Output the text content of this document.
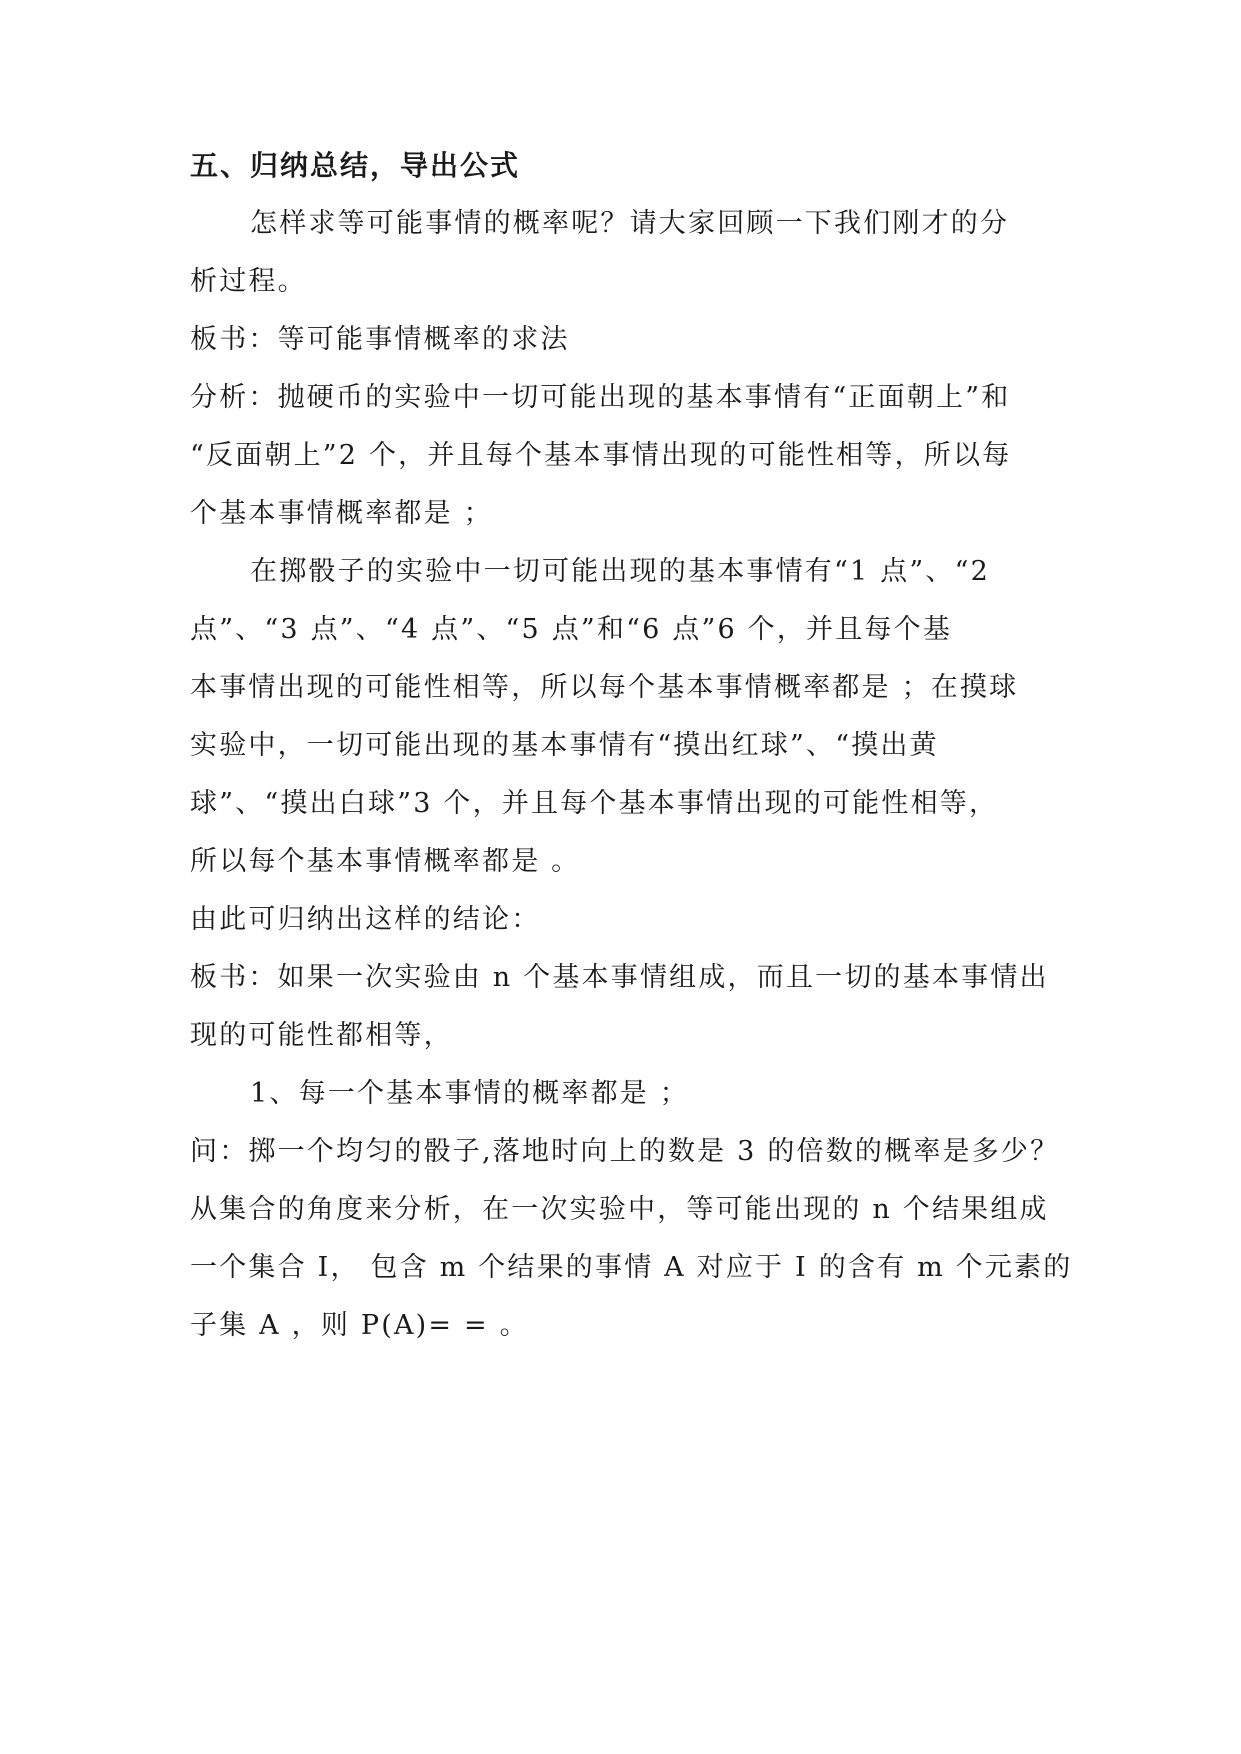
五、归纳总结，导出公式
怎样求等可能事情的概率呢？请大家回顾一下我们刚才的分
析过程。
板书：等可能事情概率的求法
分析：抛硬币的实验中一切可能出现的基本事情有“正面朝上”和
“反面朝上”2 个，并且每个基本事情出现的可能性相等，所以每
个基本事情概率都是 ；
在掷骰子的实验中一切可能出现的基本事情有“1 点”、“2
点”、“3 点”、“4 点”、“5 点”和“6 点”6 个，并且每个基
本事情出现的可能性相等，所以每个基本事情概率都是 ；在摸球
实验中，一切可能出现的基本事情有“摸出红球”、“摸出黄
球”、“摸出白球”3 个，并且每个基本事情出现的可能性相等，
所以每个基本事情概率都是 。
由此可归纳出这样的结论：
板书：如果一次实验由 n 个基本事情组成，而且一切的基本事情出
现的可能性都相等，
1、每一个基本事情的概率都是 ；
问：掷一个均匀的骰子,落地时向上的数是 3 的倍数的概率是多少？
从集合的角度来分析，在一次实验中，等可能出现的 n 个结果组成
一个集合 I， 包含 m 个结果的事情 A 对应于 I 的含有 m 个元素的
子集 A ，则 P(A)= = 。
